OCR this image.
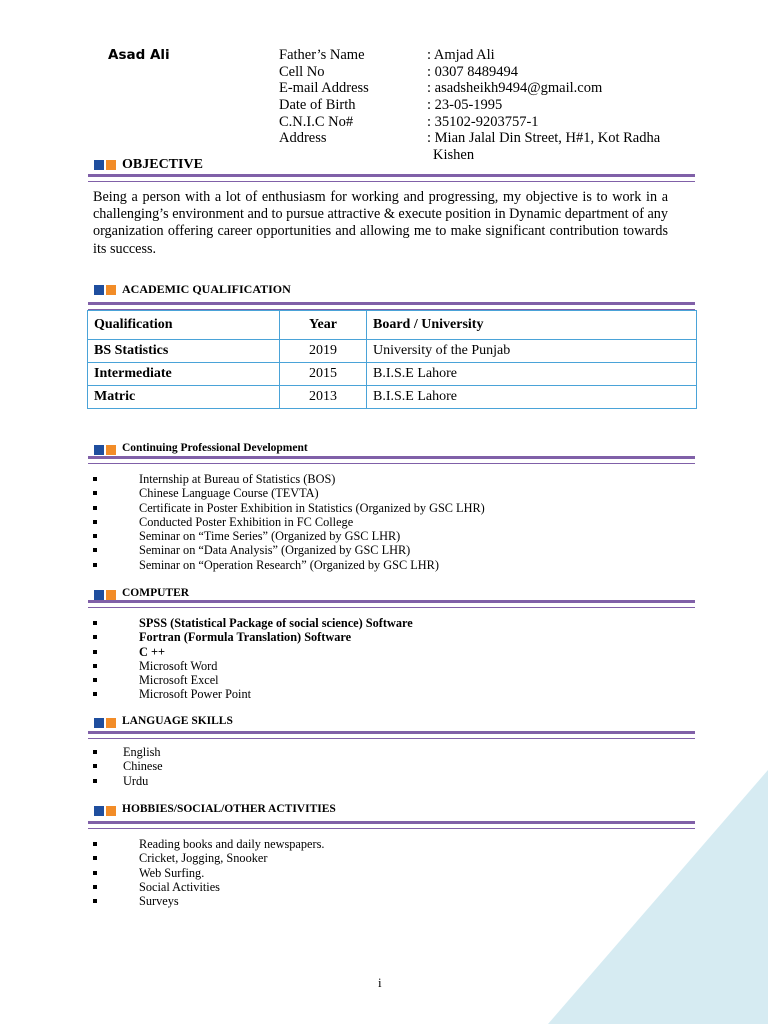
Asad Ali	Father’s Name	: Amjad Ali
Cell No	: 0307 8489494
E-mail Address	: asadsheikh9494@gmail.com
Date of Birth	: 23-05-1995
C.N.I.C No#	: 35102-9203757-1
Address	: Mian Jalal Din Street, H#1, Kot Radha
Kishen
OBJECTIVE

Being a person with a lot of enthusiasm for working and progressing, my objective is to work in a challenging’s environment and to pursue attractive & execute position in Dynamic department of any organization offering career opportunities and allowing me to make significant contribution towards its success.

ACADEMIC QUALIFICATION
Qualification	Year	Board / University
BS Statistics	2019	University of the Punjab
Intermediate	2015	B.I.S.E Lahore
Matric	2013	B.I.S.E Lahore
Continuing Professional Development
Internship at Bureau of Statistics (BOS)
Chinese Language Course (TEVTA)
Certificate in Poster Exhibition in Statistics (Organized by GSC LHR)
Conducted Poster Exhibition in FC College
Seminar on “Time Series” (Organized by GSC LHR)
Seminar on “Data Analysis” (Organized by GSC LHR)
Seminar on “Operation Research” (Organized by GSC LHR)
COMPUTER
SPSS (Statistical Package of social science) Software
Fortran (Formula Translation) Software
C ++
Microsoft Word
Microsoft Excel
Microsoft Power Point
LANGUAGE SKILLS
English
Chinese
Urdu
HOBBIES/SOCIAL/OTHER ACTIVITIES
Reading books and daily newspapers.
Cricket, Jogging, Snooker
Web Surfing.
Social Activities
Surveys
i
